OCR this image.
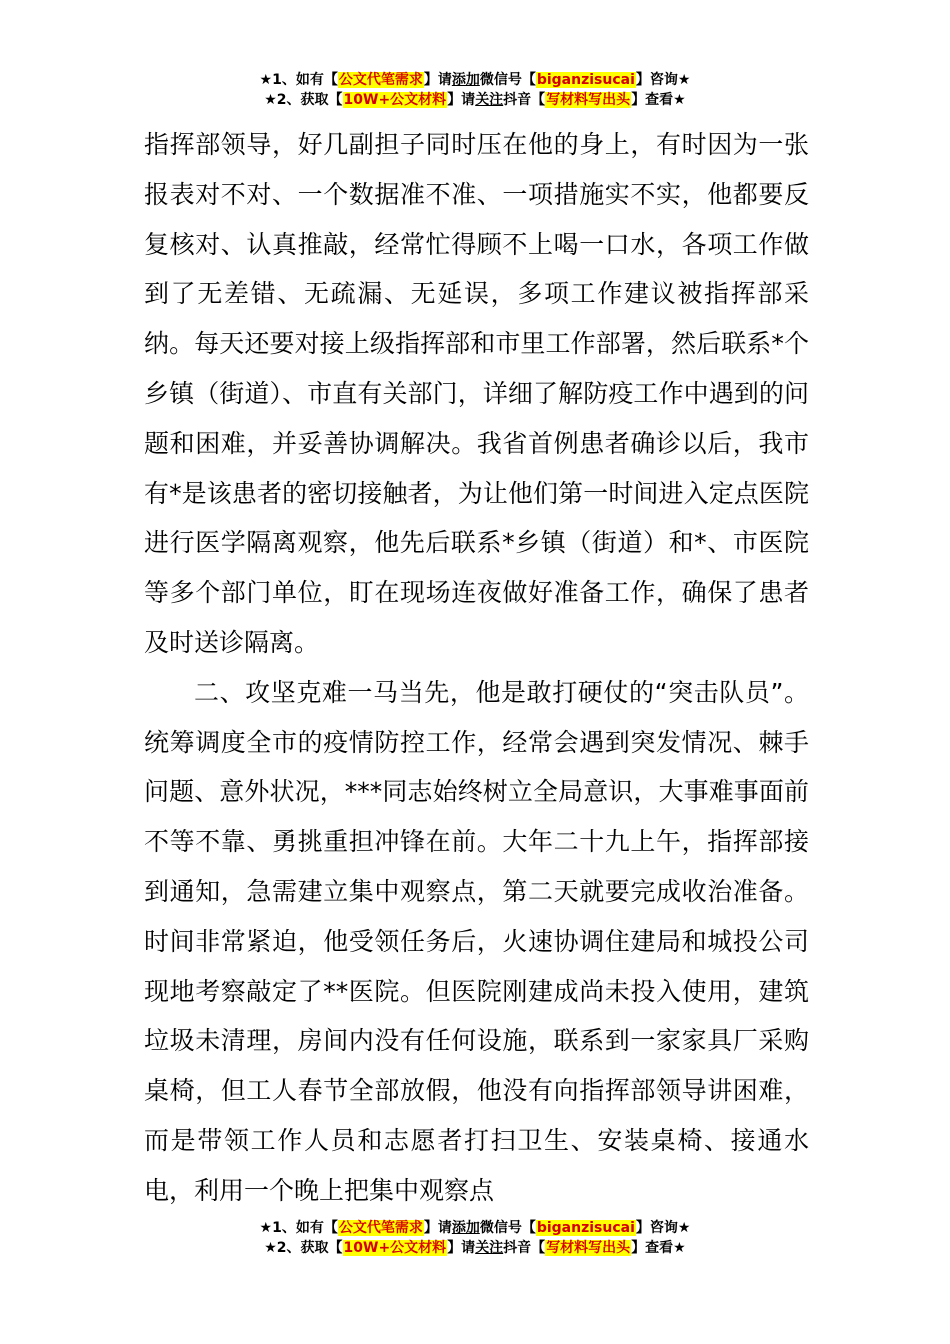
★1、如有【公文代笔需求】请添加微信号【biganzisucai】咨询★
★2、获取【10W+公文材料】请关注抖音【写材料写出头】查看★

指挥部领导，好几副担子同时压在他的身上，有时因为一张报表对不对、一个数据准不准、一项措施实不实，他都要反复核对、认真推敲，经常忙得顾不上喝一口水，各项工作做到了无差错、无疏漏、无延误，多项工作建议被指挥部采纳。每天还要对接上级指挥部和市里工作部署，然后联系*个乡镇（街道）、市直有关部门，详细了解防疫工作中遇到的问题和困难，并妥善协调解决。我省首例患者确诊以后，我市有*是该患者的密切接触者，为让他们第一时间进入定点医院进行医学隔离观察，他先后联系*乡镇（街道）和*、市医院等多个部门单位，盯在现场连夜做好准备工作，确保了患者及时送诊隔离。

二、攻坚克难一马当先，他是敢打硬仗的“突击队员”。统筹调度全市的疫情防控工作，经常会遇到突发情况、棘手问题、意外状况，***同志始终树立全局意识，大事难事面前不等不靠、勇挑重担冲锋在前。大年二十九上午，指挥部接到通知，急需建立集中观察点，第二天就要完成收治准备。时间非常紧迫，他受领任务后，火速协调住建局和城投公司现地考察敲定了**医院。但医院刚建成尚未投入使用，建筑垃圾未清理，房间内没有任何设施，联系到一家家具厂采购桌椅，但工人春节全部放假，他没有向指挥部领导讲困难，而是带领工作人员和志愿者打扫卫生、安装桌椅、接通水电，利用一个晚上把集中观察点

★1、如有【公文代笔需求】请添加微信号【biganzisucai】咨询★
★2、获取【10W+公文材料】请关注抖音【写材料写出头】查看★
